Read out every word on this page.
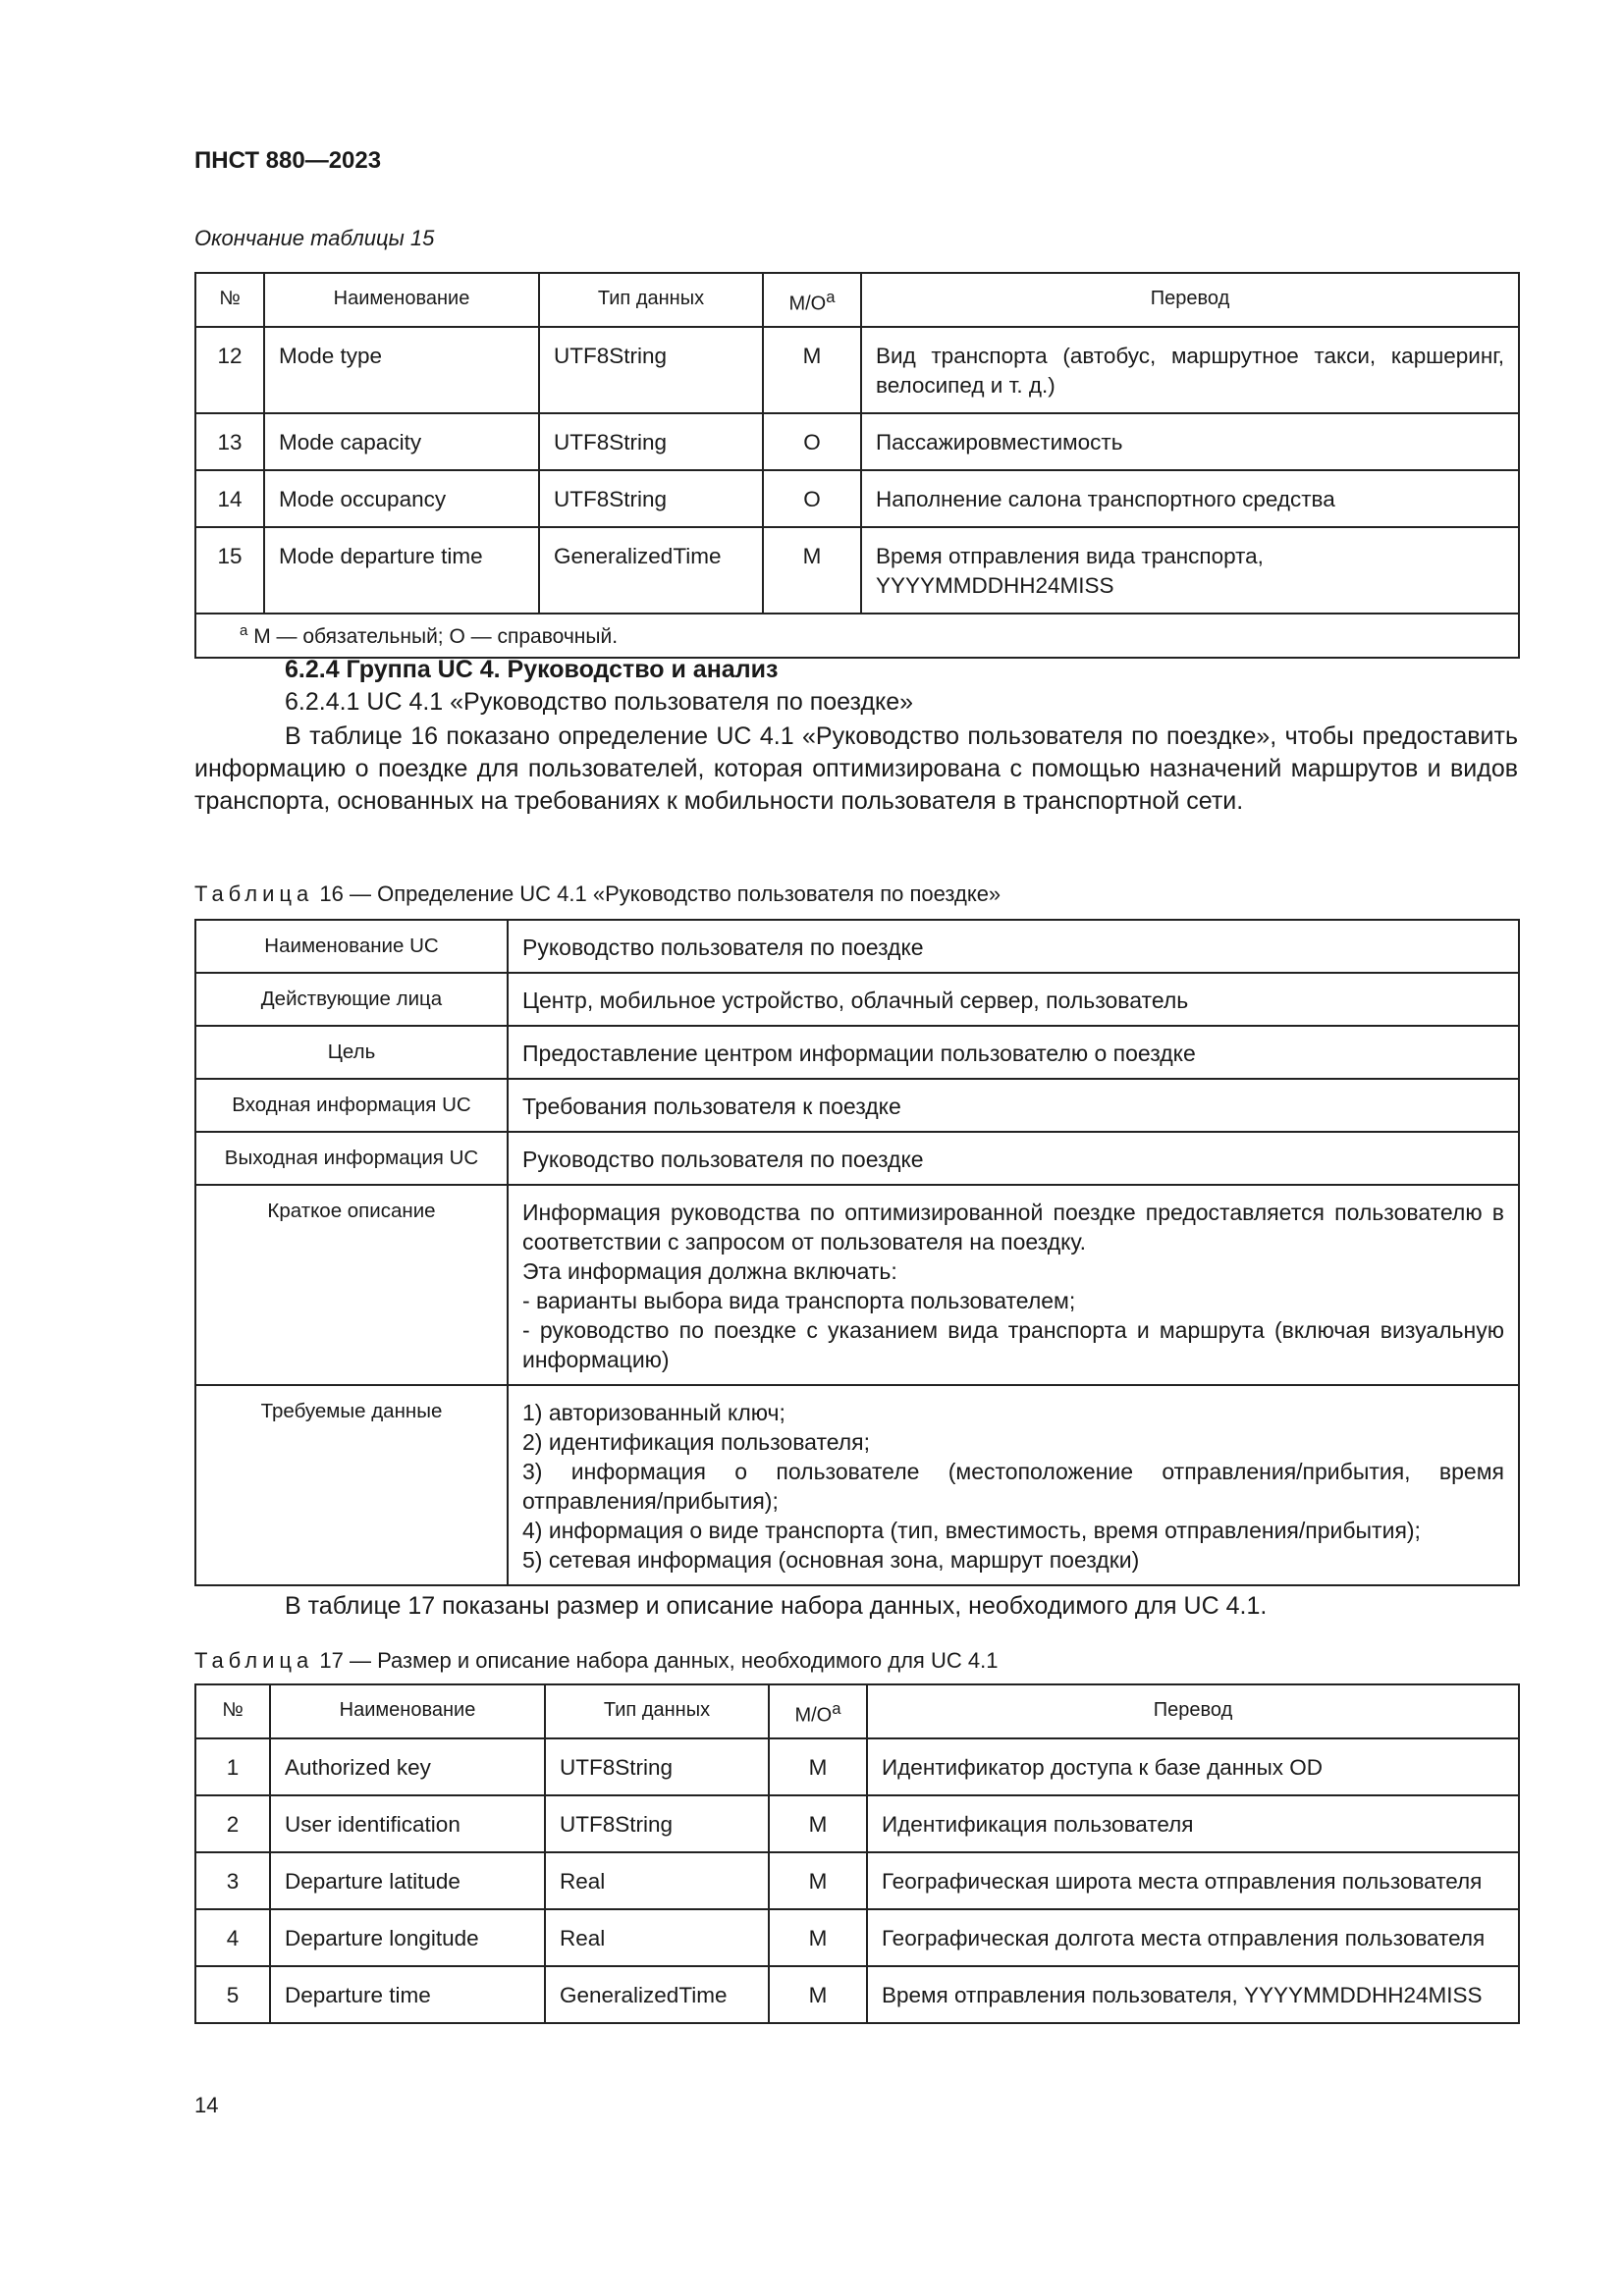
ПНСТ 880—2023
Окончание таблицы 15
№	Наименование	Тип данных	$М/О^a$	Перевод
12	Mode type	UTF8String	M	Вид транспорта (автобус, маршрутное такси, каршеринг, велосипед и т. д.)
13	Mode capacity	UTF8String	O	Пассажировместимость
14	Mode occupancy	UTF8String	O	Наполнение салона транспортного средства
15	Mode departure time	GeneralizedTime	M	Время отправления вида транспорта, YYYYMMDDHH24MISS
$^a$ М — обязательный; О — справочный.				
6.2.4 Группа UC 4. Руководство и анализ
6.2.4.1 UC 4.1 «Руководство пользователя по поездке»
В таблице 16 показано определение UC 4.1 «Руководство пользователя по поездке», чтобы предоставить информацию о поездке для пользователей, которая оптимизирована с помощью назначений маршрутов и видов транспорта, основанных на требованиях к мобильности пользователя в транспортной сети.
Таблица 16 — Определение UC 4.1 «Руководство пользователя по поездке»
Наименование UC	Руководство пользователя по поездке
Действующие лица	Центр, мобильное устройство, облачный сервер, пользователь
Цель	Предоставление центром информации пользователю о поездке
Входная информация UC	Требования пользователя к поездке
Выходная информация UC	Руководство пользователя по поездке
Краткое описание	Информация руководства по оптимизированной поездке предоставляется пользователю в соответствии с запросом от пользователя на поездку.
Эта информация должна включать:
- варианты выбора вида транспорта пользователем;
- руководство по поездке с указанием вида транспорта и маршрута (включая визуальную информацию)

Требуемые данные	1) авторизованный ключ;
2) идентификация пользователя;
3) информация о пользователе (местоположение отправления/прибытия, время отправления/прибытия);
4) информация о виде транспорта (тип, вместимость, время отправления/прибытия);
5) сетевая информация (основная зона, маршрут поездки)
В таблице 17 показаны размер и описание набора данных, необходимого для UC 4.1.
Таблица 17 — Размер и описание набора данных, необходимого для UC 4.1
№	Наименование	Тип данных	$М/О^a$	Перевод
1	Authorized key	UTF8String	M	Идентификатор доступа к базе данных OD
2	User identification	UTF8String	M	Идентификация пользователя
3	Departure latitude	Real	M	Географическая широта места отправления пользователя
4	Departure longitude	Real	M	Географическая долгота места отправления пользователя
5	Departure time	GeneralizedTime	M	Время отправления пользователя, YYYYMMDDHH24MISS
14
